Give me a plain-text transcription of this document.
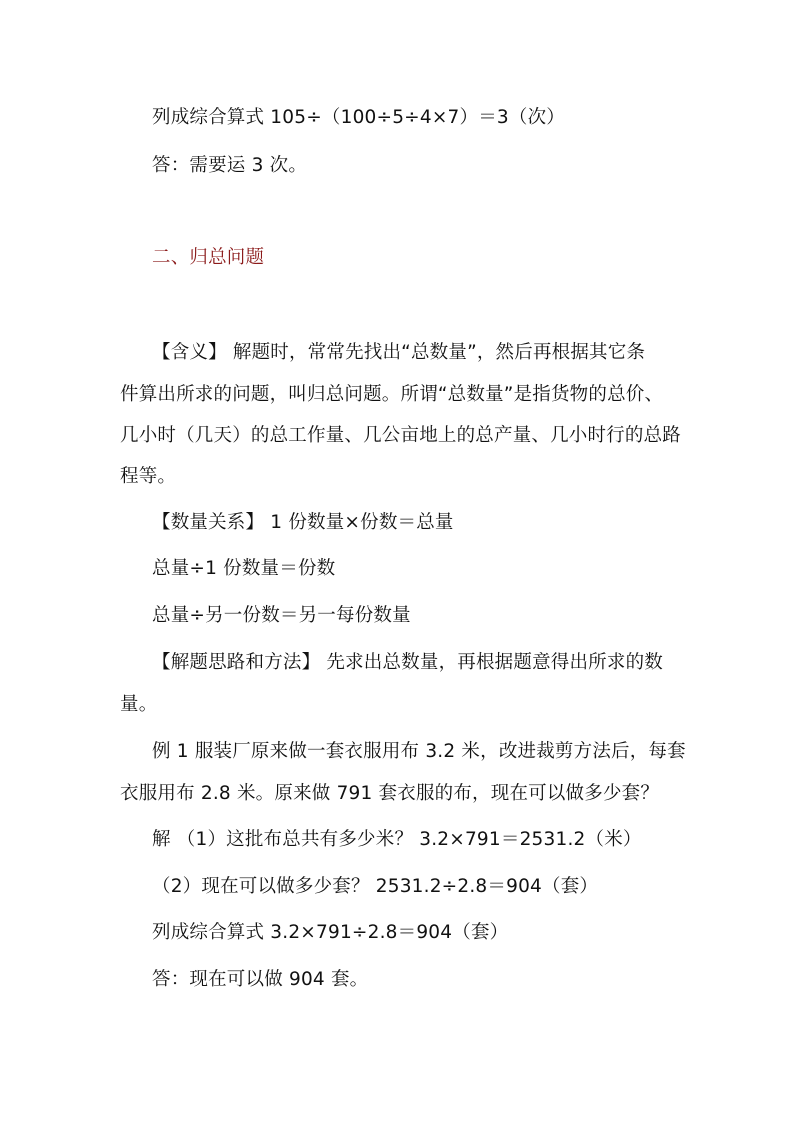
列成综合算式 105÷（100÷5÷4×7）＝3（次）
答：需要运 3 次。
二、归总问题
【含义】 解题时，常常先找出“总数量”，然后再根据其它条
件算出所求的问题，叫归总问题。所谓“总数量”是指货物的总价、
几小时（几天）的总工作量、几公亩地上的总产量、几小时行的总路
程等。
【数量关系】 1 份数量×份数＝总量
总量÷1 份数量＝份数
总量÷另一份数＝另一每份数量
【解题思路和方法】 先求出总数量，再根据题意得出所求的数
量。
例 1 服装厂原来做一套衣服用布 3.2 米，改进裁剪方法后，每套
衣服用布 2.8 米。原来做 791 套衣服的布，现在可以做多少套？
解 （1）这批布总共有多少米？ 3.2×791＝2531.2（米）
（2）现在可以做多少套？ 2531.2÷2.8＝904（套）
列成综合算式 3.2×791÷2.8＝904（套）
答：现在可以做 904 套。
